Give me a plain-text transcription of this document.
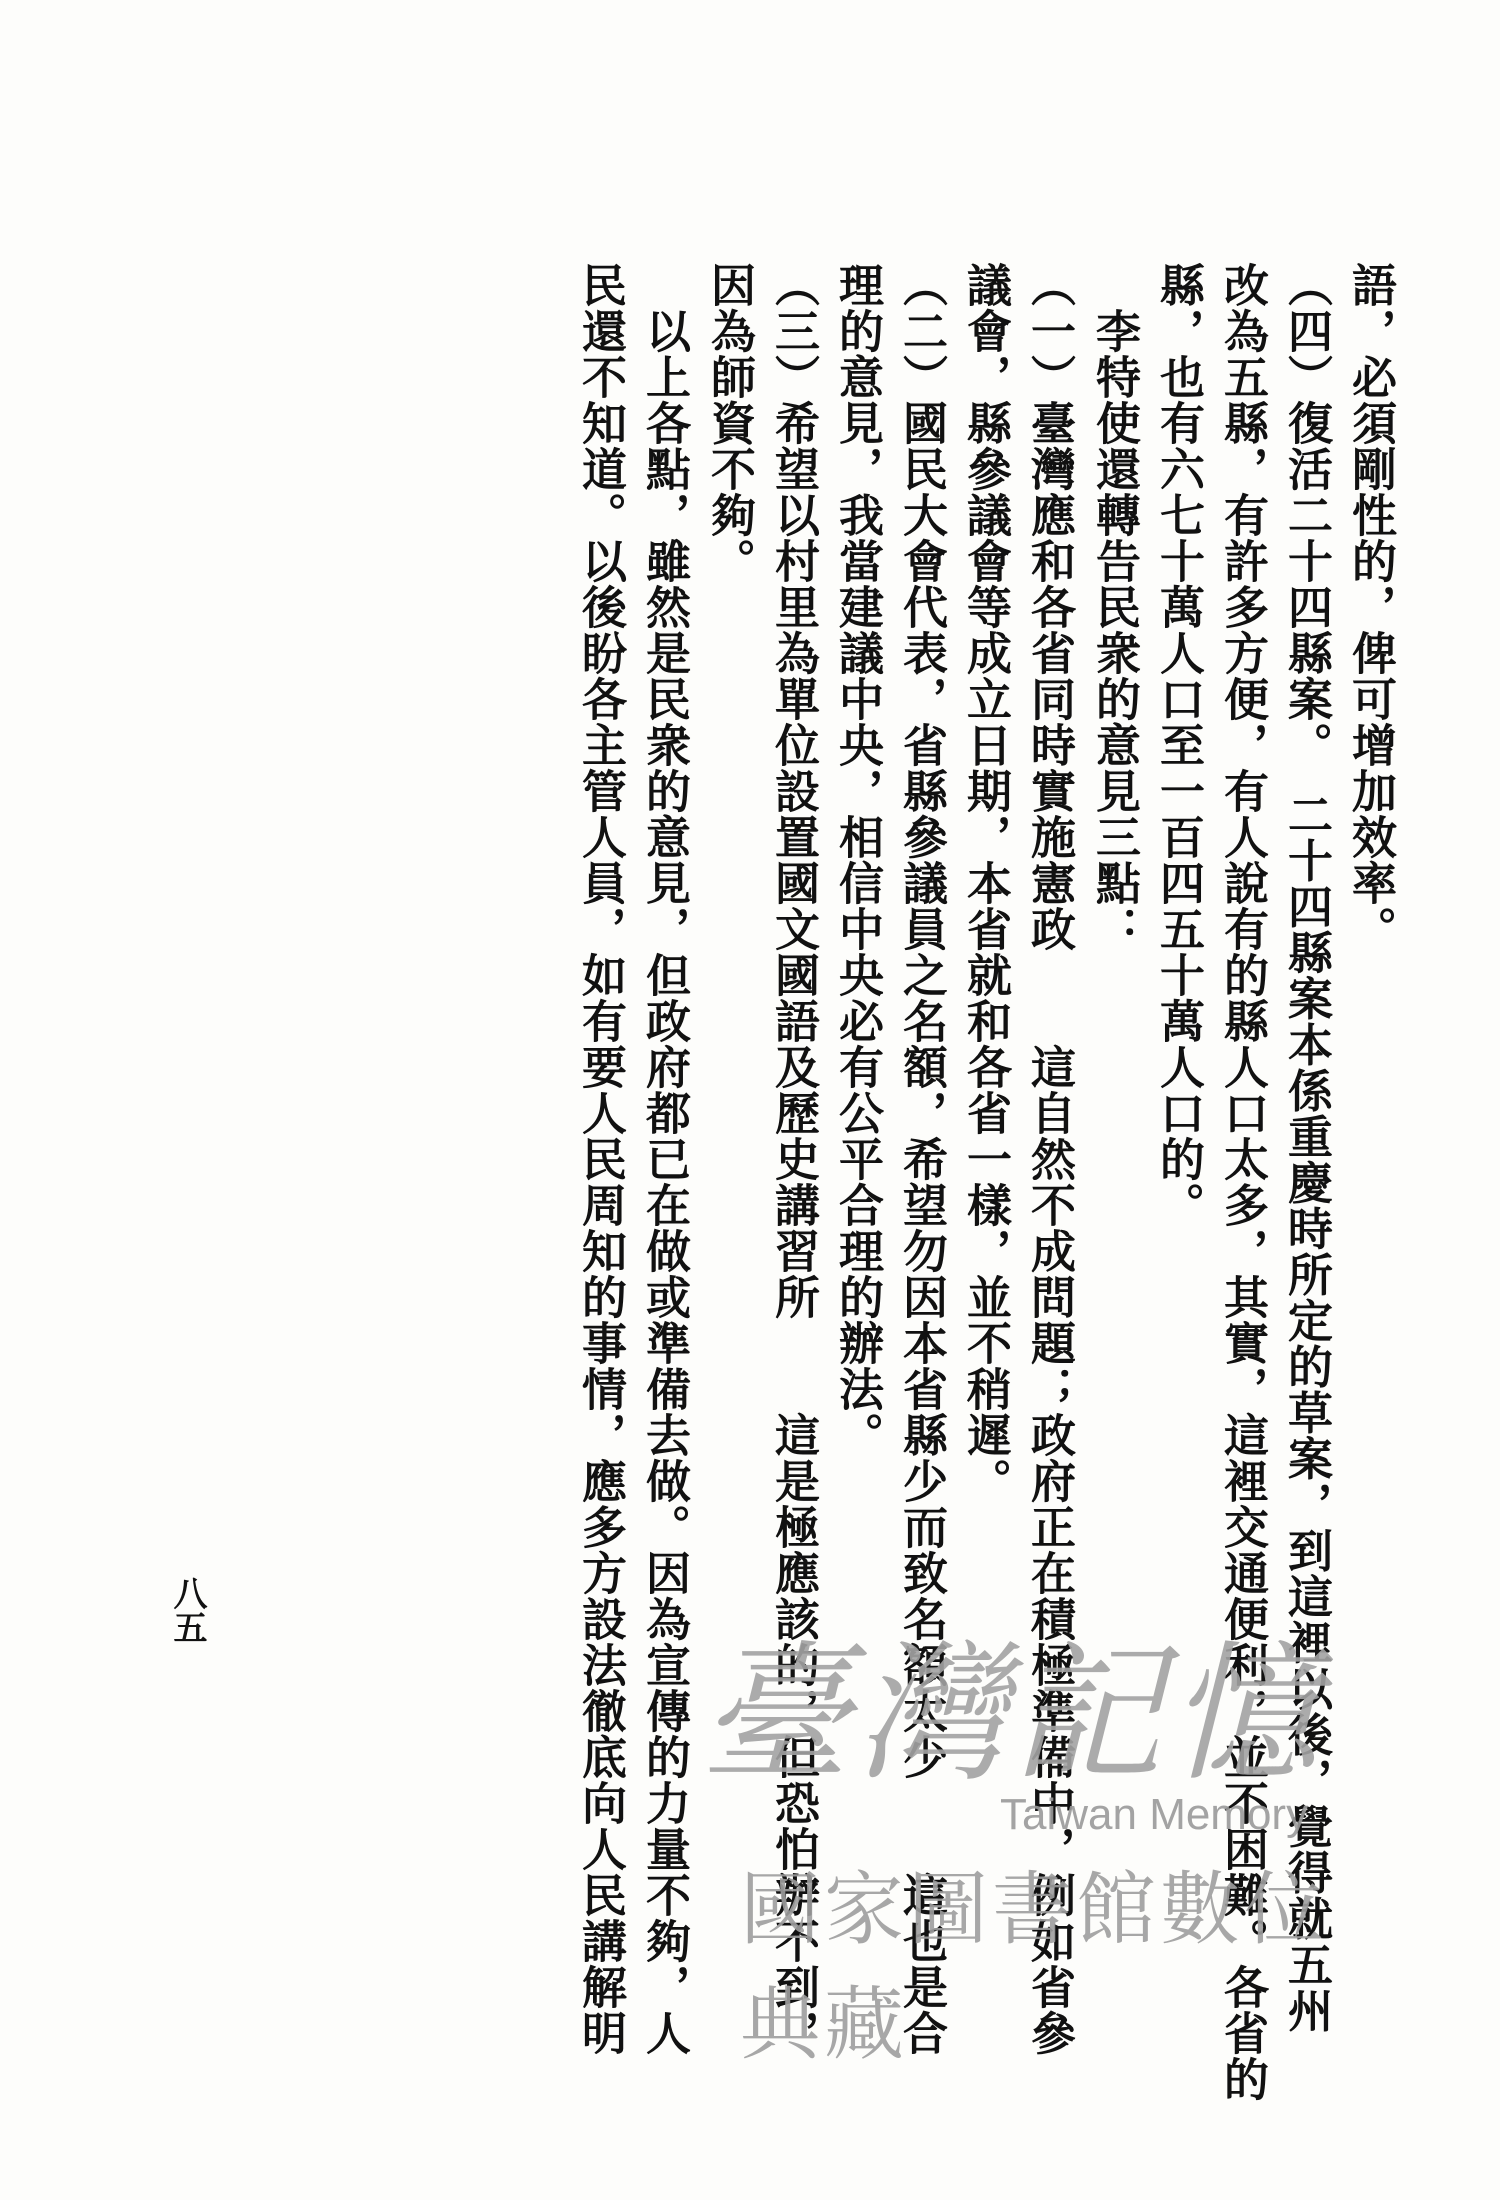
語，必須剛性的，俾可增加效率。
（四）復活二十四縣案。　二十四縣案本係重慶時所定的草案，到這裡以後，覺得就五州
改為五縣，有許多方便，有人說有的縣人口太多，其實，這裡交通便利，並不困難。各省的
縣，也有六七十萬人口至一百四五十萬人口的。
　李特使還轉告民衆的意見三點：
（一）臺灣應和各省同時實施憲政　　這自然不成問題；政府正在積極準備中，例如省參
議會，縣參議會等成立日期，本省就和各省一樣，並不稍遲。
（二）國民大會代表，省縣參議員之名額，希望勿因本省縣少而致名額太少　　這也是合
理的意見，我當建議中央，相信中央必有公平合理的辦法。
（三）希望以村里為單位設置國文國語及歷史講習所　　這是極應該的，但恐怕辦不到，
因為師資不夠。
　以上各點，雖然是民衆的意見，但政府都已在做或準備去做。因為宣傳的力量不夠，人
民還不知道。以後盼各主管人員，如有要人民周知的事情，應多方設法徹底向人民講解明
八五
臺灣記憶
Taiwan Memory
國家圖書館數位典藏
